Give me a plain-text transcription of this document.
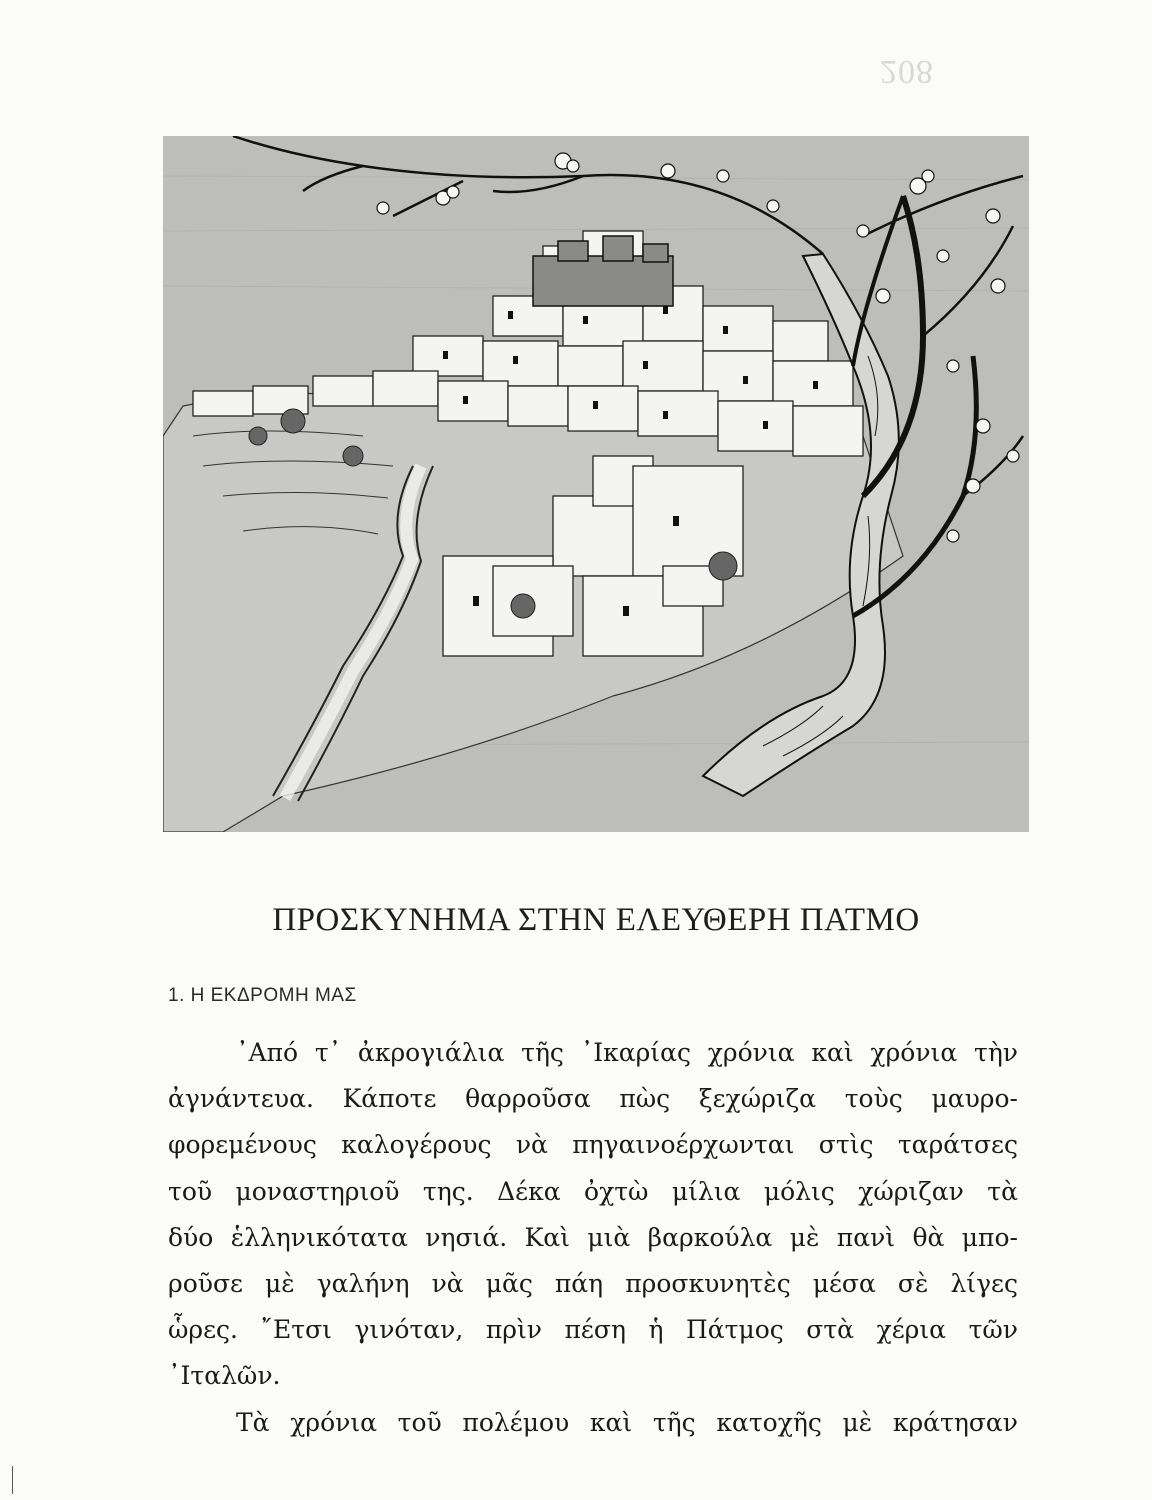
208
ΠΡΟΣΚΥΝΗΜΑ ΣΤΗΝ ΕΛΕΥΘΕΡΗ ΠΑΤΜΟ
1. Η ΕΚΔΡΟΜΗ ΜΑΣ
᾿Από τ᾿ ἀκρογιάλια τῆς ᾿Ικαρίας χρόνια καὶ χρόνια τὴν
ἀγνάντευα. Κάποτε θαρροῦσα πὼς ξεχώριζα τοὺς μαυρο-
φορεμένους καλογέρους νὰ πηγαινοέρχωνται στὶς ταράτσες
τοῦ μοναστηριοῦ της. Δέκα ὀχτὼ μίλια μόλις χώριζαν τὰ
δύο ἑλληνικότατα νησιά. Καὶ μιὰ βαρκούλα μὲ πανὶ θὰ μπο-
ροῦσε μὲ γαλήνη νὰ μᾶς πάη προσκυνητὲς μέσα σὲ λίγες
ὧρες. ῎Ετσι γινόταν, πρὶν πέση ἡ Πάτμος στὰ χέρια τῶν
᾿Ιταλῶν.
Τὰ χρόνια τοῦ πολέμου καὶ τῆς κατοχῆς μὲ κράτησαν
